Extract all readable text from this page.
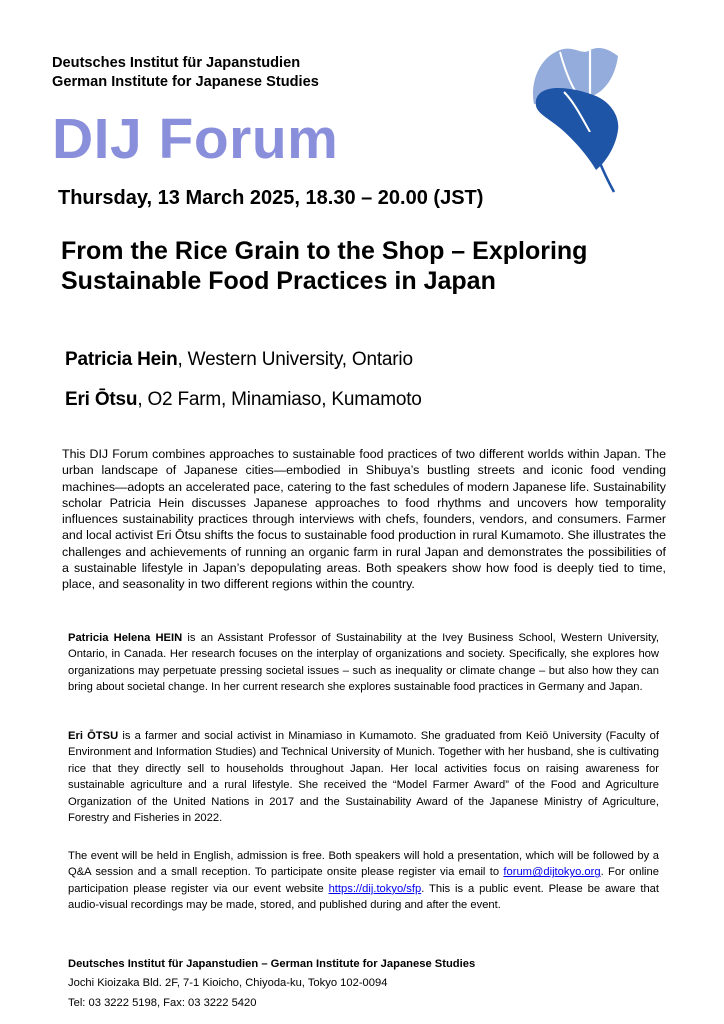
Deutsches Institut für Japanstudien
German Institute for Japanese Studies
DIJ Forum
Thursday, 13 March 2025, 18.30 – 20.00 (JST)
From the Rice Grain to the Shop – Exploring Sustainable Food Practices in Japan
Patricia Hein, Western University, Ontario
Eri Ōtsu, O2 Farm, Minamiaso, Kumamoto
This DIJ Forum combines approaches to sustainable food practices of two different worlds within Japan. The urban landscape of Japanese cities—embodied in Shibuya’s bustling streets and iconic food vending machines—adopts an accelerated pace, catering to the fast schedules of modern Japanese life. Sustainability scholar Patricia Hein discusses Japanese approaches to food rhythms and uncovers how temporality influences sustainability practices through interviews with chefs, founders, vendors, and consumers. Farmer and local activist Eri Ōtsu shifts the focus to sustainable food production in rural Kumamoto. She illustrates the challenges and achievements of running an organic farm in rural Japan and demonstrates the possibilities of a sustainable lifestyle in Japan’s depopulating areas. Both speakers show how food is deeply tied to time, place, and seasonality in two different regions within the country.
Patricia Helena HEIN is an Assistant Professor of Sustainability at the Ivey Business School, Western University, Ontario, in Canada. Her research focuses on the interplay of organizations and society. Specifically, she explores how organizations may perpetuate pressing societal issues – such as inequality or climate change – but also how they can bring about societal change. In her current research she explores sustainable food practices in Germany and Japan.
Eri ŌTSU is a farmer and social activist in Minamiaso in Kumamoto. She graduated from Keiō University (Faculty of Environment and Information Studies) and Technical University of Munich. Together with her husband, she is cultivating rice that they directly sell to households throughout Japan. Her local activities focus on raising awareness for sustainable agriculture and a rural lifestyle. She received the “Model Farmer Award” of the Food and Agriculture Organization of the United Nations in 2017 and the Sustainability Award of the Japanese Ministry of Agriculture, Forestry and Fisheries in 2022.
The event will be held in English, admission is free. Both speakers will hold a presentation, which will be followed by a Q&A session and a small reception. To participate onsite please register via email to forum@dijtokyo.org. For online participation please register via our event website https://dij.tokyo/sfp. This is a public event. Please be aware that audio-visual recordings may be made, stored, and published during and after the event.
Deutsches Institut für Japanstudien – German Institute for Japanese Studies
Jochi Kioizaka Bld. 2F, 7-1 Kioicho, Chiyoda-ku, Tokyo 102-0094
Tel: 03 3222 5198, Fax: 03 3222 5420
